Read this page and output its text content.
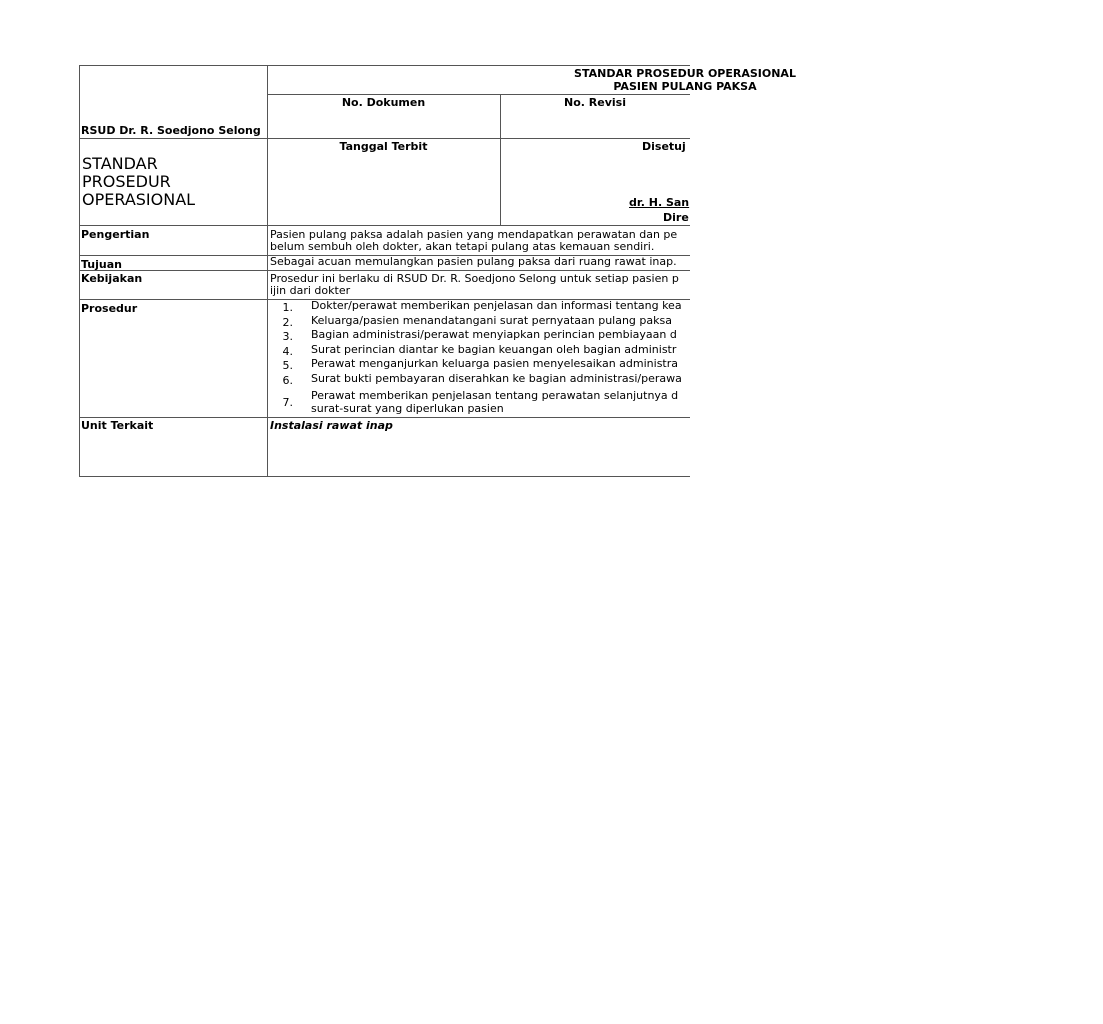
STANDAR PROSEDUR OPERASIONAL
PASIEN PULANG PAKSA
No. Dokumen	No. Revisi
RSUD Dr. R. Soedjono Selong
STANDAR
PROSEDUR
OPERASIONAL
Tanggal Terbit	Disetuj
dr. H. San
Dire
Pengertian	Pasien pulang paksa adalah pasien yang mendapatkan perawatan dan pe
belum sembuh oleh dokter, akan tetapi pulang atas kemauan sendiri.
Tujuan	Sebagai acuan memulangkan pasien pulang paksa dari ruang rawat inap.
Kebijakan	Prosedur ini berlaku di RSUD Dr. R. Soedjono Selong untuk setiap pasien p
ijin dari dokter
Prosedur	1. Dokter/perawat memberikan penjelasan dan informasi tentang kea
2. Keluarga/pasien menandatangani surat pernyataan pulang paksa
3. Bagian administrasi/perawat menyiapkan perincian pembiayaan d
4. Surat perincian diantar ke bagian keuangan oleh bagian administr
5. Perawat menganjurkan keluarga pasien menyelesaikan administra
6. Surat bukti pembayaran diserahkan ke bagian administrasi/perawa
7.
Perawat memberikan penjelasan tentang perawatan selanjutnya d
surat-surat yang diperlukan pasien
Unit Terkait	Instalasi rawat inap
